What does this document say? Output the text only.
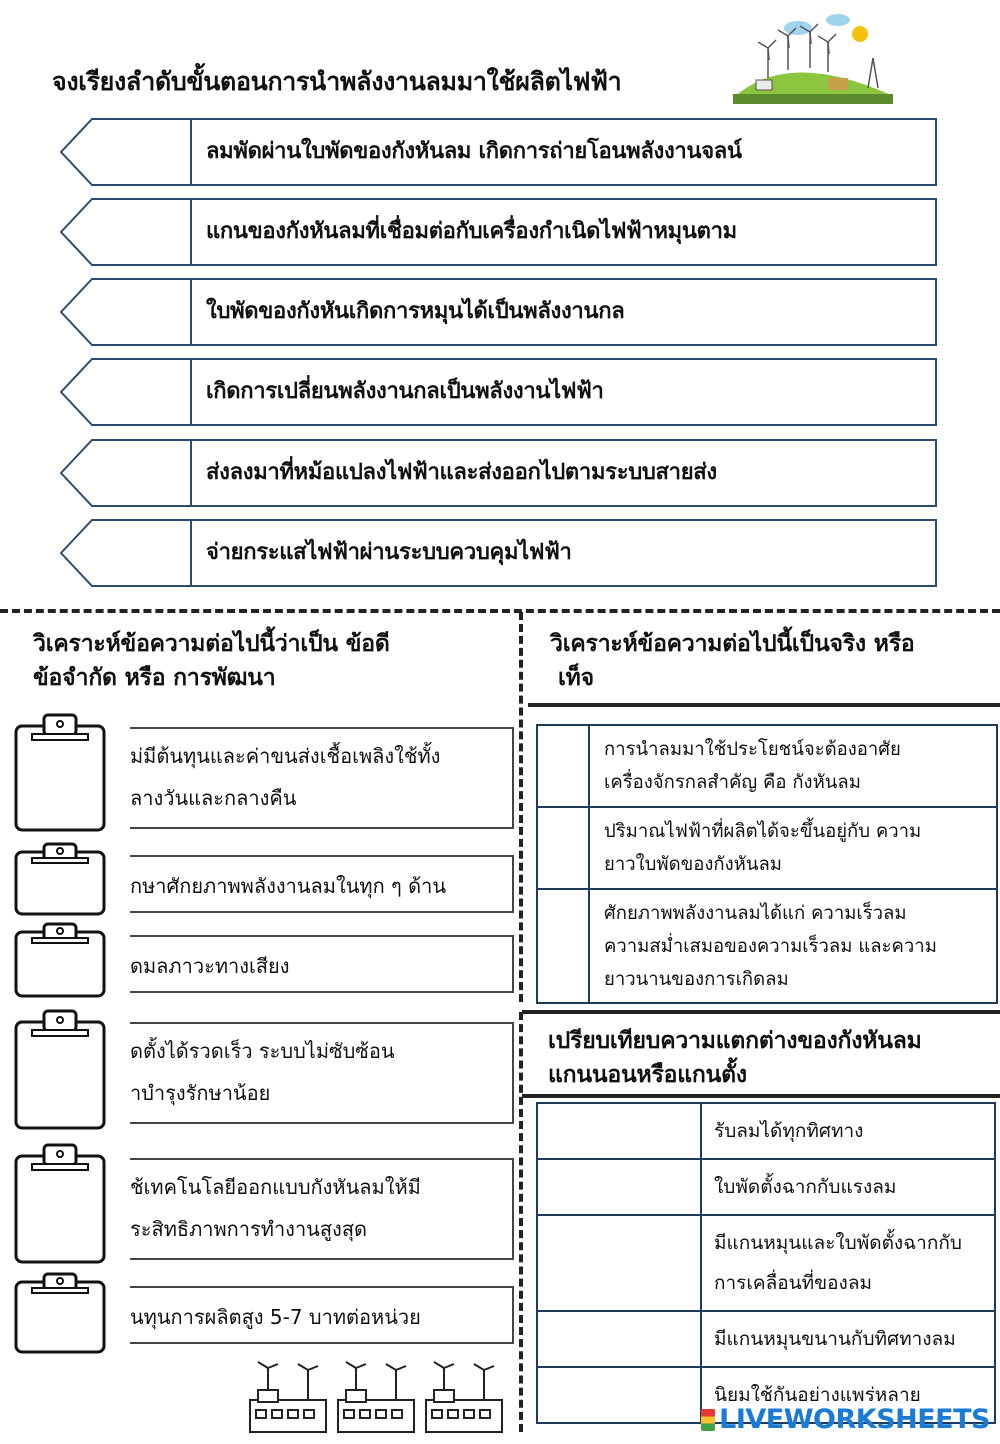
จงเรียงลำดับขั้นตอนการนำพลังงานลมมาใช้ผลิตไฟฟ้า
ลมพัดผ่านใบพัดของกังหันลม เกิดการถ่ายโอนพลังงานจลน์
แกนของกังหันลมที่เชื่อมต่อกับเครื่องกำเนิดไฟฟ้าหมุนตาม
ใบพัดของกังหันเกิดการหมุนได้เป็นพลังงานกล
เกิดการเปลี่ยนพลังงานกลเป็นพลังงานไฟฟ้า
ส่งลงมาที่หม้อแปลงไฟฟ้าและส่งออกไปตามระบบสายส่ง
จ่ายกระแสไฟฟ้าผ่านระบบควบคุมไฟฟ้า
วิเคราะห์ข้อความต่อไปนี้ว่าเป็น ข้อดี
ข้อจำกัด หรือ การพัฒนา
วิเคราะห์ข้อความต่อไปนี้เป็นจริง หรือ
เท็จ
ม่มีต้นทุนและค่าขนส่งเชื้อเพลิงใช้ทั้ง
ลางวันและกลางคืน
กษาศักยภาพพลังงานลมในทุก ๆ ด้าน
ิดมลภาวะทางเสียง
ดตั้งได้รวดเร็ว ระบบไม่ซับซ้อน
าบำรุงรักษาน้อย
ช้เทคโนโลยีออกแบบกังหันลมให้มี
ระสิทธิภาพการทำงานสูงสุด
นทุนการผลิตสูง 5-7 บาทต่อหน่วย

	การนำลมมาใช้ประโยชน์จะต้องอาศัย
เครื่องจักรกลสำคัญ คือ กังหันลม

	ปริมาณไฟฟ้าที่ผลิตได้จะขึ้นอยู่กับ ความ
ยาวใบพัดของกังหันลม

	ศักยภาพพลังงานลมได้แก่ ความเร็วลม
ความสม่ำเสมอของความเร็วลม และความ
ยาวนานของการเกิดลม
เปรียบเทียบความแตกต่างของกังหันลม
แกนนอนหรือแกนตั้ง

	รับลมได้ทุกทิศทาง

	ใบพัดตั้งฉากกับแรงลม

	มีแกนหมุนและใบพัดตั้งฉากกับ
การเคลื่อนที่ของลม

	มีแกนหมุนขนานกับทิศทางลม

	นิยมใช้กันอย่างแพร่หลาย
LIVEWORKSHEETS
